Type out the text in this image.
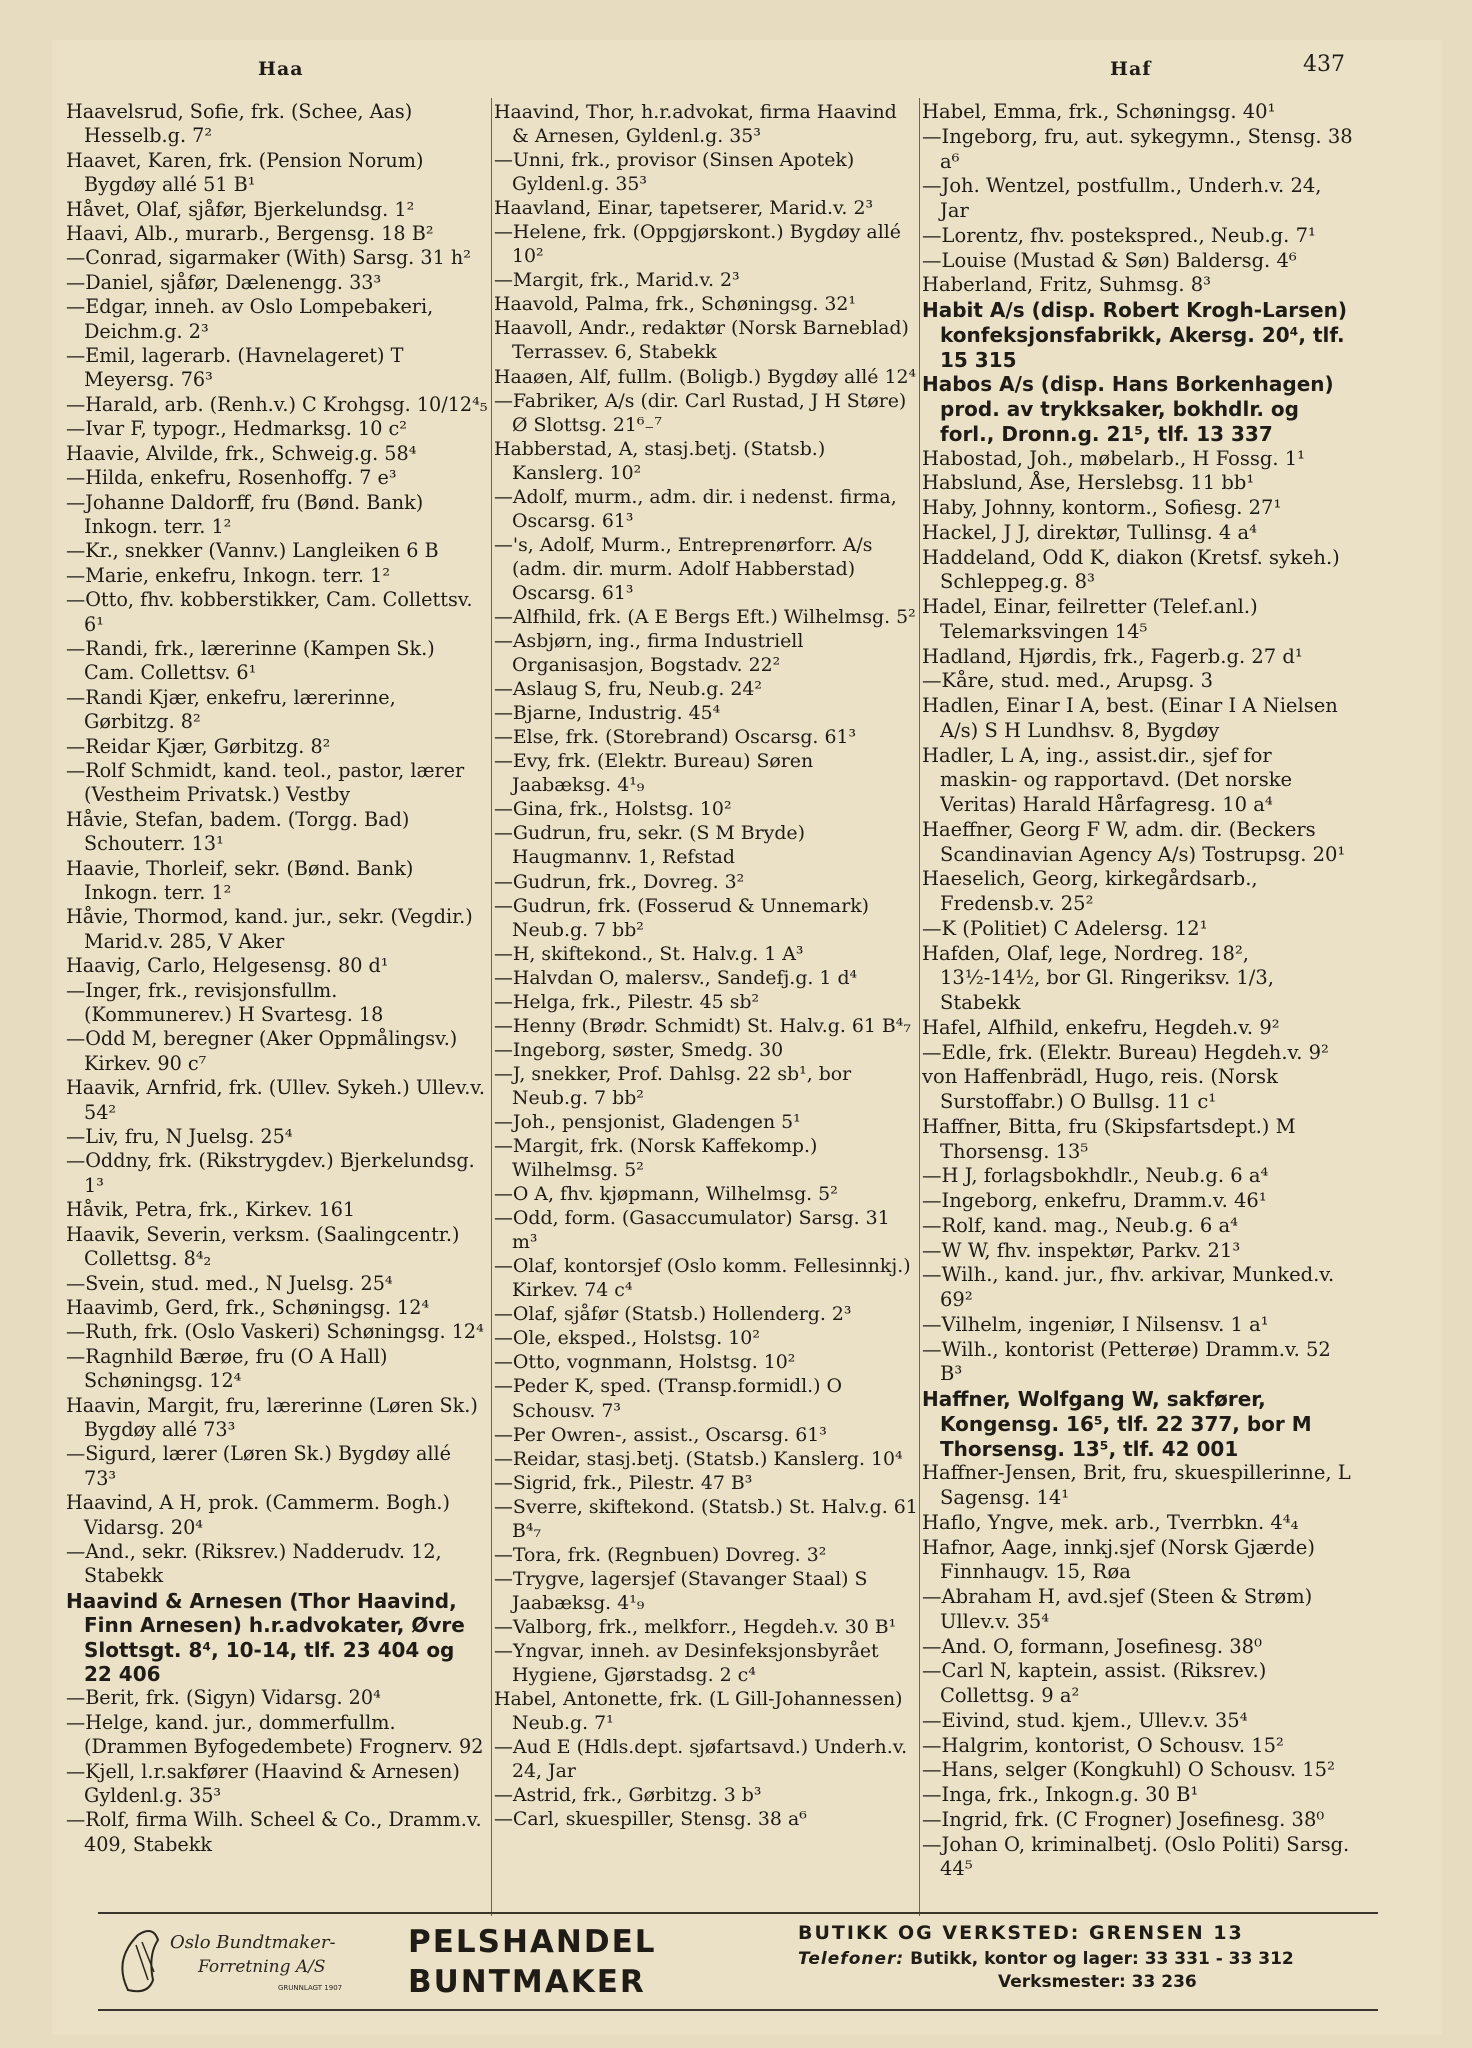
Haa	Haf	437

Haavelsrud, Sofie, frk. (Schee, Aas) Hesselb.g. 7²

Haavet, Karen, frk. (Pension Norum) Bygdøy allé 51 B¹

Håvet, Olaf, sjåfør, Bjerkelundsg. 1²

Haavi, Alb., murarb., Bergensg. 18 B²

—Conrad, sigarmaker (With) Sarsg. 31 h²

—Daniel, sjåfør, Dælenengg. 33³

—Edgar, inneh. av Oslo Lompebakeri, Deichm.g. 2³

—Emil, lagerarb. (Havnelageret) T Meyersg. 76³

—Harald, arb. (Renh.v.) C Krohgsg. 10/12⁴₅

—Ivar F, typogr., Hedmarksg. 10 c²

Haavie, Alvilde, frk., Schweig.g. 58⁴

—Hilda, enkefru, Rosenhoffg. 7 e³

—Johanne Daldorff, fru (Bønd. Bank) Inkogn. terr. 1²

—Kr., snekker (Vannv.) Langleiken 6 B

—Marie, enkefru, Inkogn. terr. 1²

—Otto, fhv. kobberstikker, Cam. Collettsv. 6¹

—Randi, frk., lærerinne (Kampen Sk.) Cam. Collettsv. 6¹

—Randi Kjær, enkefru, lærerinne, Gørbitzg. 8²

—Reidar Kjær, Gørbitzg. 8²

—Rolf Schmidt, kand. teol., pastor, lærer (Vestheim Privatsk.) Vestby

Håvie, Stefan, badem. (Torgg. Bad) Schouterr. 13¹

Haavie, Thorleif, sekr. (Bønd. Bank) Inkogn. terr. 1²

Håvie, Thormod, kand. jur., sekr. (Vegdir.) Marid.v. 285, V Aker

Haavig, Carlo, Helgesensg. 80 d¹

—Inger, frk., revisjonsfullm. (Kommunerev.) H Svartesg. 18

—Odd M, beregner (Aker Oppmålingsv.) Kirkev. 90 c⁷

Haavik, Arnfrid, frk. (Ullev. Sykeh.) Ullev.v. 54²

—Liv, fru, N Juelsg. 25⁴

—Oddny, frk. (Rikstrygdev.) Bjerkelundsg. 1³

Håvik, Petra, frk., Kirkev. 161

Haavik, Severin, verksm. (Saalingcentr.) Collettsg. 8⁴₂

—Svein, stud. med., N Juelsg. 25⁴

Haavimb, Gerd, frk., Schøningsg. 12⁴

—Ruth, frk. (Oslo Vaskeri) Schøningsg. 12⁴

—Ragnhild Bærøe, fru (O A Hall) Schøningsg. 12⁴

Haavin, Margit, fru, lærerinne (Løren Sk.) Bygdøy allé 73³

—Sigurd, lærer (Løren Sk.) Bygdøy allé 73³

Haavind, A H, prok. (Cammerm. Bogh.) Vidarsg. 20⁴

—And., sekr. (Riksrev.) Nadderudv. 12, Stabekk

Haavind & Arnesen (Thor Haavind, Finn Arnesen) h.r.advokater, Øvre Slottsgt. 8⁴, 10-14, tlf. 23 404 og 22 406

—Berit, frk. (Sigyn) Vidarsg. 20⁴

—Helge, kand. jur., dommerfullm. (Drammen Byfogedembete) Frognerv. 92

—Kjell, l.r.sakfører (Haavind & Arnesen) Gyldenl.g. 35³

—Rolf, firma Wilh. Scheel & Co., Dramm.v. 409, Stabekk

Haavind, Thor, h.r.advokat, firma Haavind & Arnesen, Gyldenl.g. 35³

—Unni, frk., provisor (Sinsen Apotek) Gyldenl.g. 35³

Haavland, Einar, tapetserer, Marid.v. 2³

—Helene, frk. (Oppgjørskont.) Bygdøy allé 10²

—Margit, frk., Marid.v. 2³

Haavold, Palma, frk., Schøningsg. 32¹

Haavoll, Andr., redaktør (Norsk Barneblad) Terrassev. 6, Stabekk

Haaøen, Alf, fullm. (Boligb.) Bygdøy allé 12⁴

—Fabriker, A/s (dir. Carl Rustad, J H Støre) Ø Slottsg. 21⁶₋⁷

Habberstad, A, stasj.betj. (Statsb.) Kanslerg. 10²

—Adolf, murm., adm. dir. i nedenst. firma, Oscarsg. 61³

—'s, Adolf, Murm., Entreprenørforr. A/s (adm. dir. murm. Adolf Habberstad) Oscarsg. 61³

—Alfhild, frk. (A E Bergs Eft.) Wilhelmsg. 5²

—Asbjørn, ing., firma Industriell Organisasjon, Bogstadv. 22²

—Aslaug S, fru, Neub.g. 24²

—Bjarne, Industrig. 45⁴

—Else, frk. (Storebrand) Oscarsg. 61³

—Evy, frk. (Elektr. Bureau) Søren Jaabæksg. 4¹₉

—Gina, frk., Holstsg. 10²

—Gudrun, fru, sekr. (S M Bryde) Haugmannv. 1, Refstad

—Gudrun, frk., Dovreg. 3²

—Gudrun, frk. (Fosserud & Unnemark) Neub.g. 7 bb²

—H, skiftekond., St. Halv.g. 1 A³

—Halvdan O, malersv., Sandefj.g. 1 d⁴

—Helga, frk., Pilestr. 45 sb²

—Henny (Brødr. Schmidt) St. Halv.g. 61 B⁴₇

—Ingeborg, søster, Smedg. 30

—J, snekker, Prof. Dahlsg. 22 sb¹, bor Neub.g. 7 bb²

—Joh., pensjonist, Gladengen 5¹

—Margit, frk. (Norsk Kaffekomp.) Wilhelmsg. 5²

—O A, fhv. kjøpmann, Wilhelmsg. 5²

—Odd, form. (Gasaccumulator) Sarsg. 31 m³

—Olaf, kontorsjef (Oslo komm. Fellesinnkj.) Kirkev. 74 c⁴

—Olaf, sjåfør (Statsb.) Hollenderg. 2³

—Ole, eksped., Holstsg. 10²

—Otto, vognmann, Holstsg. 10²

—Peder K, sped. (Transp.formidl.) O Schousv. 7³

—Per Owren-, assist., Oscarsg. 61³

—Reidar, stasj.betj. (Statsb.) Kanslerg. 10⁴

—Sigrid, frk., Pilestr. 47 B³

—Sverre, skiftekond. (Statsb.) St. Halv.g. 61 B⁴₇

—Tora, frk. (Regnbuen) Dovreg. 3²

—Trygve, lagersjef (Stavanger Staal) S Jaabæksg. 4¹₉

—Valborg, frk., melkforr., Hegdeh.v. 30 B¹

—Yngvar, inneh. av Desinfeksjonsbyrået Hygiene, Gjørstadsg. 2 c⁴

Habel, Antonette, frk. (L Gill-Johannessen) Neub.g. 7¹

—Aud E (Hdls.dept. sjøfartsavd.) Underh.v. 24, Jar

—Astrid, frk., Gørbitzg. 3 b³

—Carl, skuespiller, Stensg. 38 a⁶

Habel, Emma, frk., Schøningsg. 40¹

—Ingeborg, fru, aut. sykegymn., Stensg. 38 a⁶

—Joh. Wentzel, postfullm., Underh.v. 24, Jar

—Lorentz, fhv. postekspred., Neub.g. 7¹

—Louise (Mustad & Søn) Baldersg. 4⁶

Haberland, Fritz, Suhmsg. 8³

Habit A/s (disp. Robert Krogh-Larsen) konfeksjonsfabrikk, Akersg. 20⁴, tlf. 15 315

Habos A/s (disp. Hans Borkenhagen) prod. av trykksaker, bokhdlr. og forl., Dronn.g. 21⁵, tlf. 13 337

Habostad, Joh., møbelarb., H Fossg. 1¹

Habslund, Åse, Herslebsg. 11 bb¹

Haby, Johnny, kontorm., Sofiesg. 27¹

Hackel, J J, direktør, Tullinsg. 4 a⁴

Haddeland, Odd K, diakon (Kretsf. sykeh.) Schleppeg.g. 8³

Hadel, Einar, feilretter (Telef.anl.) Telemarksvingen 14⁵

Hadland, Hjørdis, frk., Fagerb.g. 27 d¹

—Kåre, stud. med., Arupsg. 3

Hadlen, Einar I A, best. (Einar I A Nielsen A/s) S H Lundhsv. 8, Bygdøy

Hadler, L A, ing., assist.dir., sjef for maskin- og rapportavd. (Det norske Veritas) Harald Hårfagresg. 10 a⁴

Haeffner, Georg F W, adm. dir. (Beckers Scandinavian Agency A/s) Tostrupsg. 20¹

Haeselich, Georg, kirkegårdsarb., Fredensb.v. 25²

—K (Politiet) C Adelersg. 12¹

Hafden, Olaf, lege, Nordreg. 18², 13½-14½, bor Gl. Ringeriksv. 1/3, Stabekk

Hafel, Alfhild, enkefru, Hegdeh.v. 9²

—Edle, frk. (Elektr. Bureau) Hegdeh.v. 9²

von Haffenbrädl, Hugo, reis. (Norsk Surstoffabr.) O Bullsg. 11 c¹

Haffner, Bitta, fru (Skipsfartsdept.) M Thorsensg. 13⁵

—H J, forlagsbokhdlr., Neub.g. 6 a⁴

—Ingeborg, enkefru, Dramm.v. 46¹

—Rolf, kand. mag., Neub.g. 6 a⁴

—W W, fhv. inspektør, Parkv. 21³

—Wilh., kand. jur., fhv. arkivar, Munked.v. 69²

—Vilhelm, ingeniør, I Nilsensv. 1 a¹

—Wilh., kontorist (Petterøe) Dramm.v. 52 B³

Haffner, Wolfgang W, sakfører, Kongensg. 16⁵, tlf. 22 377, bor M Thorsensg. 13⁵, tlf. 42 001

Haffner-Jensen, Brit, fru, skuespillerinne, L Sagensg. 14¹

Haflo, Yngve, mek. arb., Tverrbkn. 4⁴₄

Hafnor, Aage, innkj.sjef (Norsk Gjærde) Finnhaugv. 15, Røa

—Abraham H, avd.sjef (Steen & Strøm) Ullev.v. 35⁴

—And. O, formann, Josefinesg. 38⁰

—Carl N, kaptein, assist. (Riksrev.) Collettsg. 9 a²

—Eivind, stud. kjem., Ullev.v. 35⁴

—Halgrim, kontorist, O Schousv. 15²

—Hans, selger (Kongkuhl) O Schousv. 15²

—Inga, frk., Inkogn.g. 30 B¹

—Ingrid, frk. (C Frogner) Josefinesg. 38⁰

—Johan O, kriminalbetj. (Oslo Politi) Sarsg. 44⁵

Oslo Bundtmaker-
Forretning A/S
GRUNNLAGT 1907
PELSHANDEL
BUNTMAKER
BUTIKK OG VERKSTED: GRENSEN 13
Telefoner: Butikk, kontor og lager: 33 331 - 33 312
Verksmester: 33 236
